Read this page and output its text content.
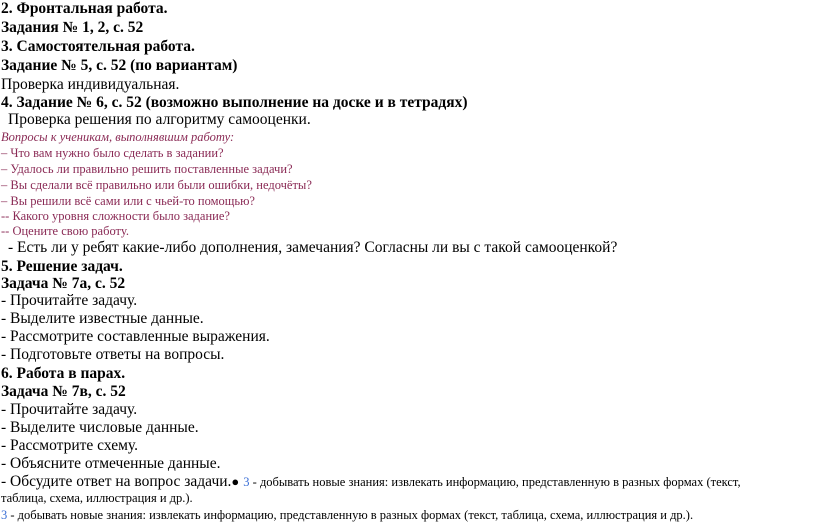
2. Фронтальная работа.
Задания № 1, 2, с. 52
3. Самостоятельная работа.
Задание № 5, с. 52 (по вариантам)
Проверка индивидуальная.
4. Задание № 6, с. 52 (возможно выполнение на доске и в тетрадях)
Проверка решения по алгоритму самооценки.
Вопросы к ученикам, выполнявшим работу:
– Что вам нужно было сделать в задании?
– Удалось ли правильно решить поставленные задачи?
– Вы сделали всё правильно или были ошибки, недочёты?
– Вы решили всё сами или с чьей-то помощью?
-- Какого уровня сложности было задание?
-- Оцените свою работу.
- Есть ли у ребят какие-либо дополнения, замечания? Согласны ли вы с такой самооценкой?
5. Решение задач.
Задача № 7а, с. 52
- Прочитайте задачу.
- Выделите известные данные.
- Рассмотрите составленные выражения.
- Подготовьте ответы на вопросы.
6. Работа в парах.
Задача № 7в, с. 52
- Прочитайте задачу.
- Выделите числовые данные.
- Рассмотрите схему.
- Объясните отмеченные данные.
- Обсудите ответ на вопрос задачи.● 3 - добывать новые знания: извлекать информацию, представленную в разных формах (текст,
таблица, схема, иллюстрация и др.).
3 - добывать новые знания: извлекать информацию, представленную в разных формах (текст, таблица, схема, иллюстрация и др.).
